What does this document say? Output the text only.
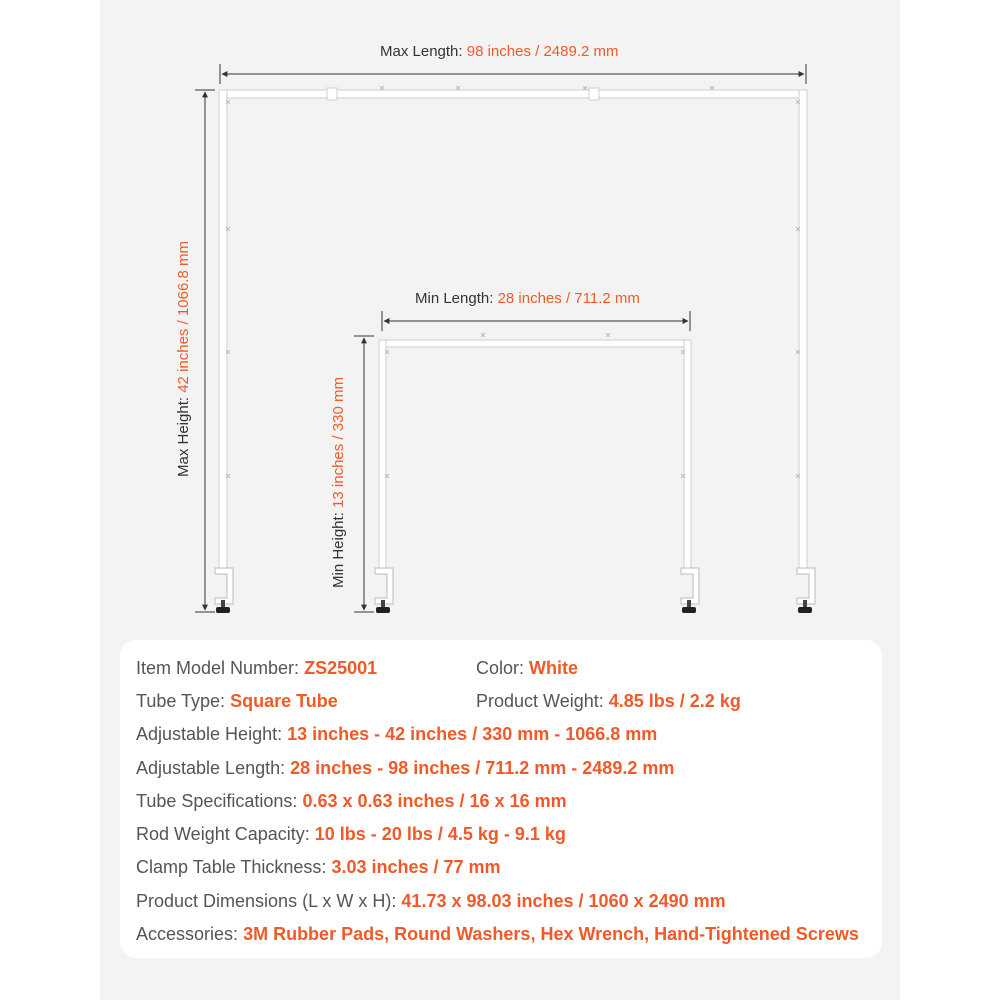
Max Length: 98 inches / 2489.2 mm
Min Length: 28 inches / 711.2 mm
Max Height: 42 inches / 1066.8 mm
Min Height: 13 inches / 330 mm
Item Model Number: ZS25001	Color: White
Tube Type: Square Tube	Product Weight: 4.85 lbs / 2.2 kg
Adjustable Height: 13 inches - 42 inches / 330 mm - 1066.8 mm
Adjustable Length: 28 inches - 98 inches / 711.2 mm - 2489.2 mm
Tube Specifications: 0.63 x 0.63 inches / 16 x 16 mm
Rod Weight Capacity: 10 lbs - 20 lbs / 4.5 kg - 9.1 kg
Clamp Table Thickness: 3.03 inches / 77 mm
Product Dimensions (L x W x H): 41.73 x 98.03 inches / 1060 x 2490 mm
Accessories: 3M Rubber Pads, Round Washers, Hex Wrench, Hand-Tightened Screws
